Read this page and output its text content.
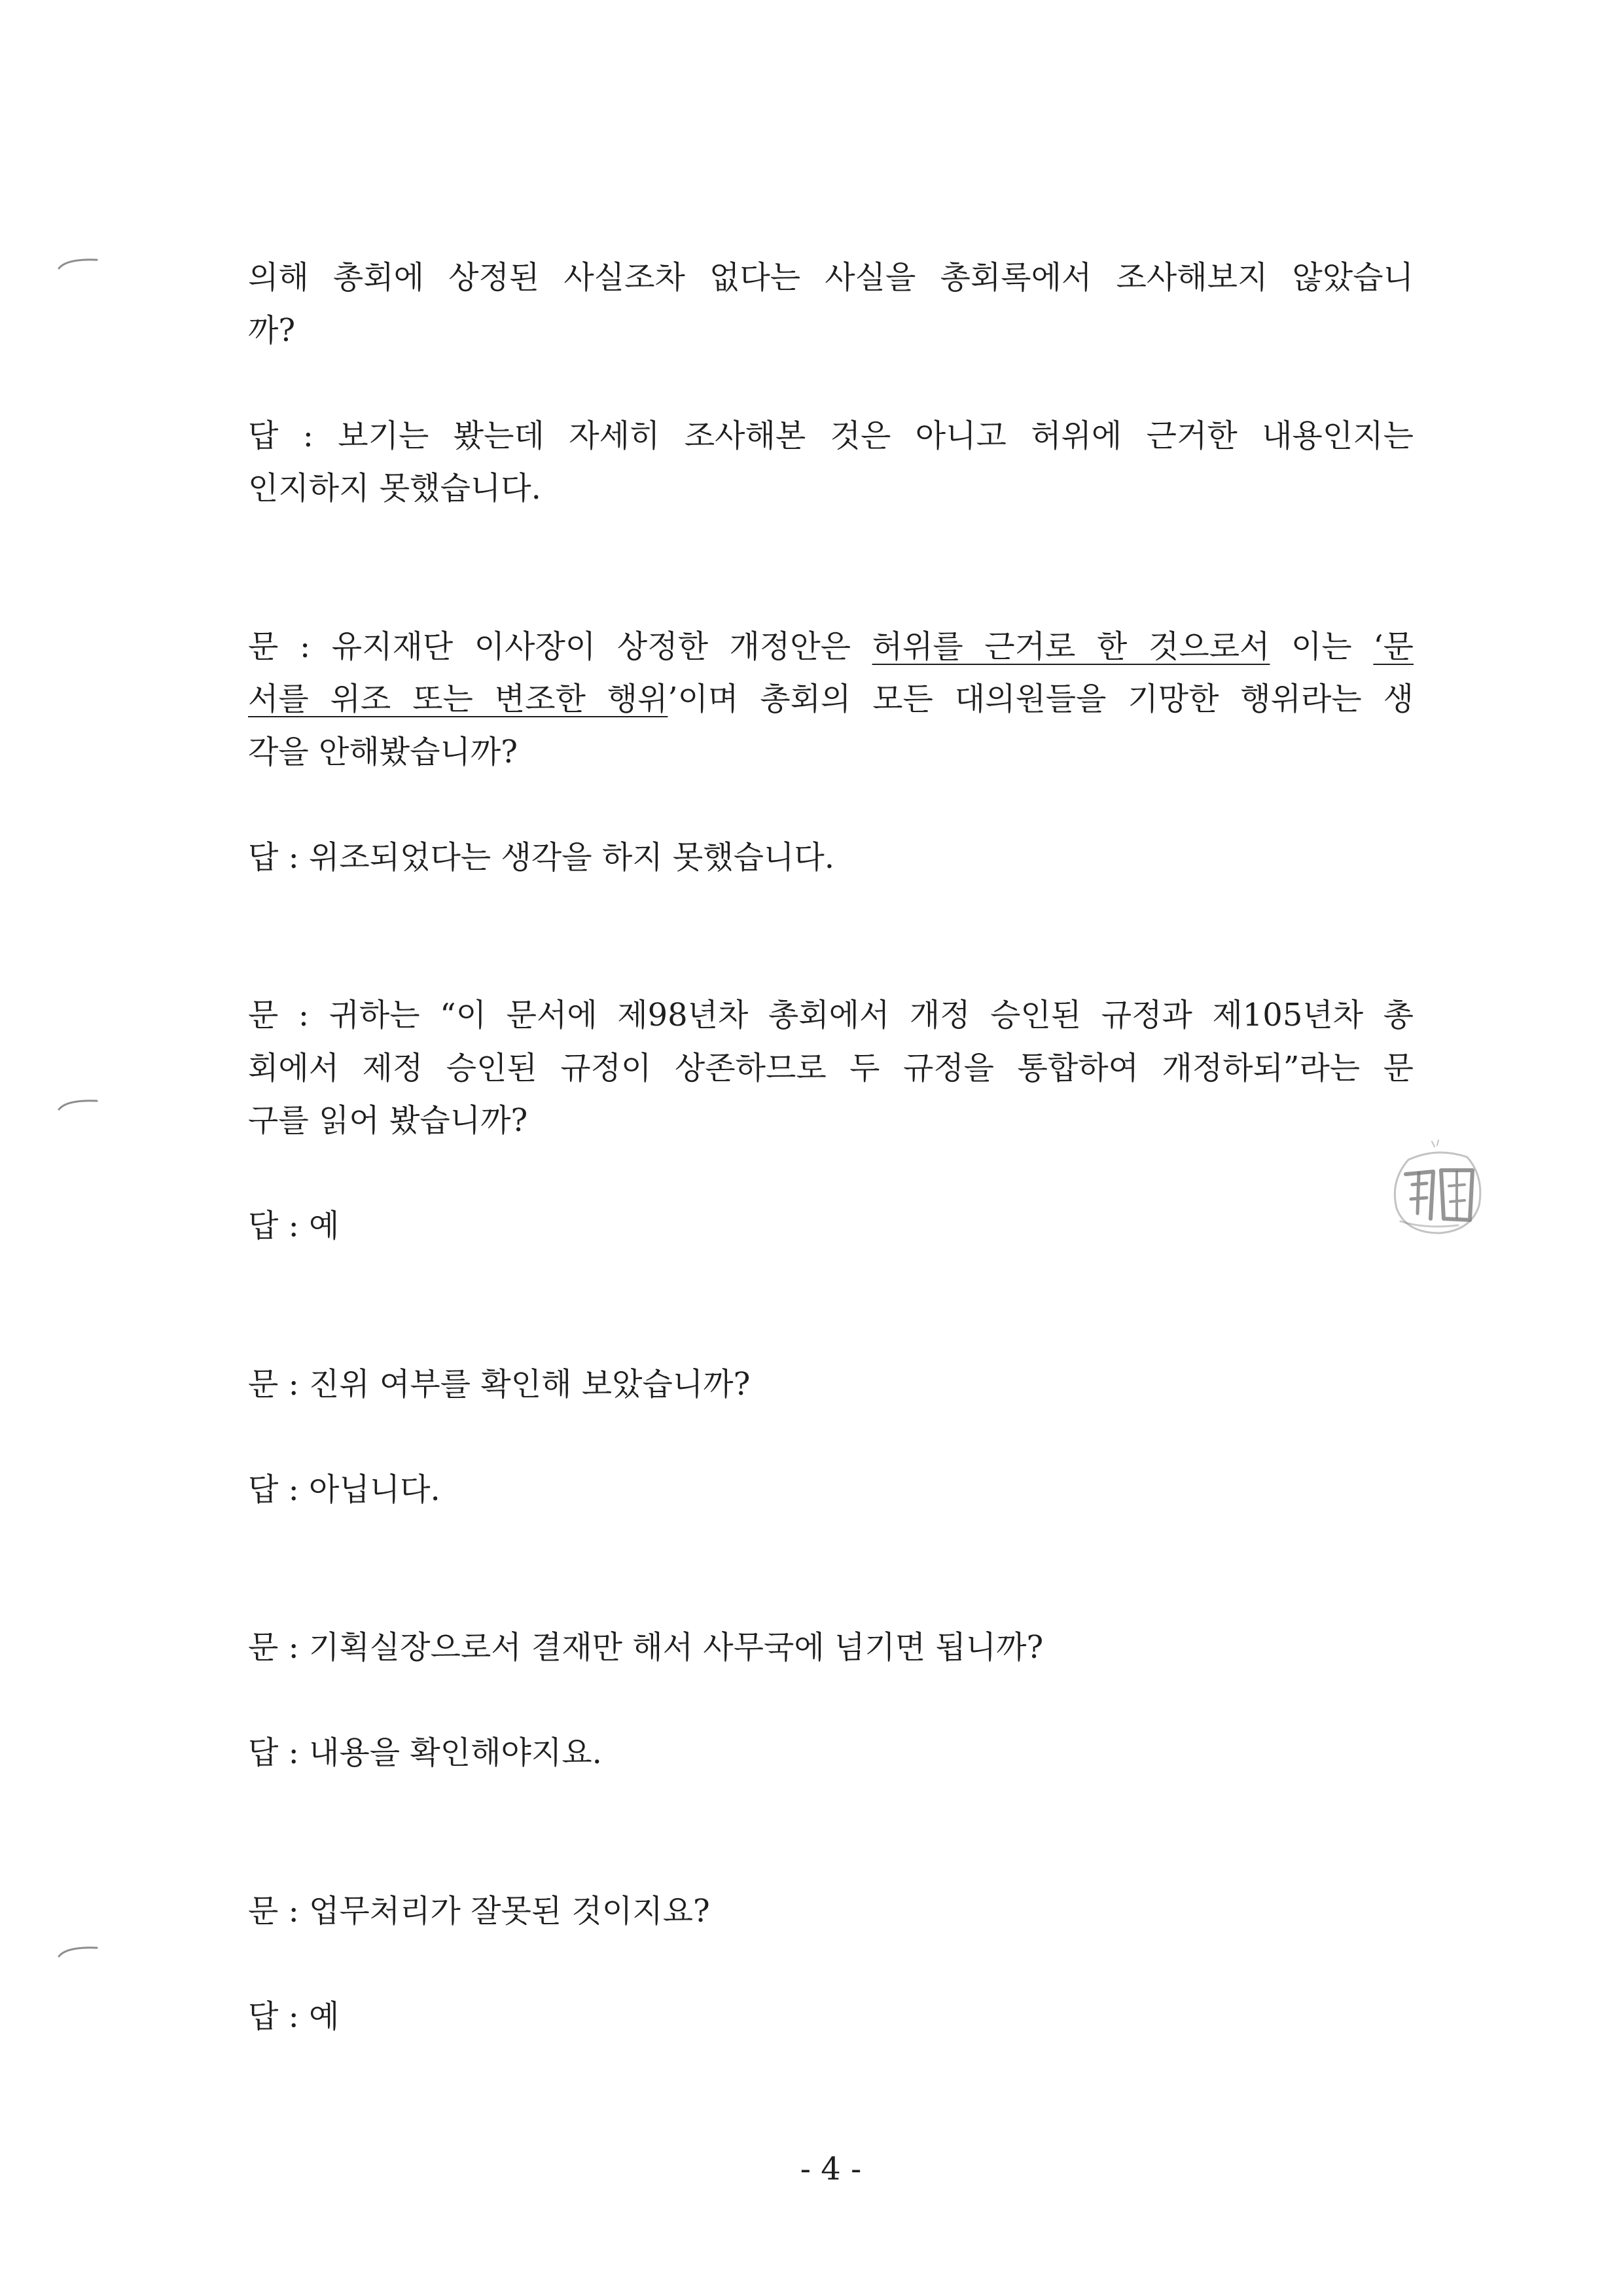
의해 총회에 상정된 사실조차 없다는 사실을 총회록에서 조사해보지 않았습니
까?
답 : 보기는 봤는데 자세히 조사해본 것은 아니고 허위에 근거한 내용인지는
인지하지 못했습니다.
문 : 유지재단 이사장이 상정한 개정안은 허위를 근거로 한 것으로서 이는 ‘문
서를 위조 또는 변조한 행위’이며 총회의 모든 대의원들을 기망한 행위라는 생
각을 안해봤습니까?
답 : 위조되었다는 생각을 하지 못했습니다.
문 : 귀하는 “이 문서에 제98년차 총회에서 개정 승인된 규정과 제105년차 총
회에서 제정 승인된 규정이 상존하므로 두 규정을 통합하여 개정하되”라는 문
구를 읽어 봤습니까?
답 : 예
문 : 진위 여부를 확인해 보았습니까?
답 : 아닙니다.
문 : 기획실장으로서 결재만 해서 사무국에 넘기면 됩니까?
답 : 내용을 확인해야지요.
문 : 업무처리가 잘못된 것이지요?
답 : 예
- 4 -
